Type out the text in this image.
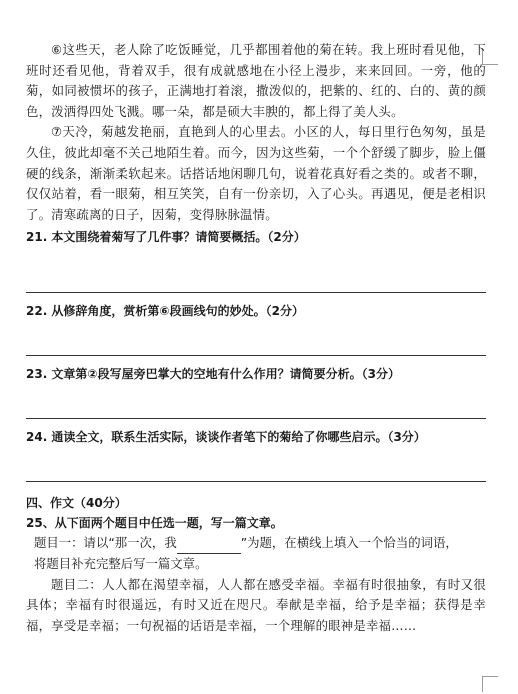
⑥这些天，老人除了吃饭睡觉，几乎都围着他的菊在转。我上班时看见他，下班时还看见他，背着双手，很有成就感地在小径上漫步，来来回回。一旁，他的菊，如同被惯坏的孩子，正满地打着滚，撒泼似的，把紫的、红的、白的、黄的颜色，泼洒得四处飞溅。哪一朵，都是硕大丰腴的，都上得了美人头。

⑦天冷，菊越发艳丽，直艳到人的心里去。小区的人，每日里行色匆匆，虽是久住，彼此却毫不关己地陌生着。而今，因为这些菊，一个个舒缓了脚步，脸上僵硬的线条，渐渐柔软起来。话搭话地闲聊几句，说着花真好看之类的。或者不聊，仅仅站着，看一眼菊，相互笑笑，自有一份亲切，入了心头。再遇见，便是老相识了。清寒疏离的日子，因菊，变得脉脉温情。

21. 本文围绕着菊写了几件事？请简要概括。（2分）

22. 从修辞角度，赏析第⑥段画线句的妙处。（2分）

23. 文章第②段写屋旁巴掌大的空地有什么作用？请简要分析。（3分）

24. 通读全文，联系生活实际，谈谈作者笔下的菊给了你哪些启示。（3分）

四、作文（40分）

25、从下面两个题目中任选一题，写一篇文章。

题目一：请以“那一次，我	”为题，在横线上填入一个恰当的词语，

将题目补充完整后写一篇文章。

题目二：人人都在渴望幸福，人人都在感受幸福。幸福有时很抽象，有时又很具体；幸福有时很遥远，有时又近在咫尺。奉献是幸福，给予是幸福；获得是幸福，享受是幸福；一句祝福的话语是幸福，一个理解的眼神是幸福……
